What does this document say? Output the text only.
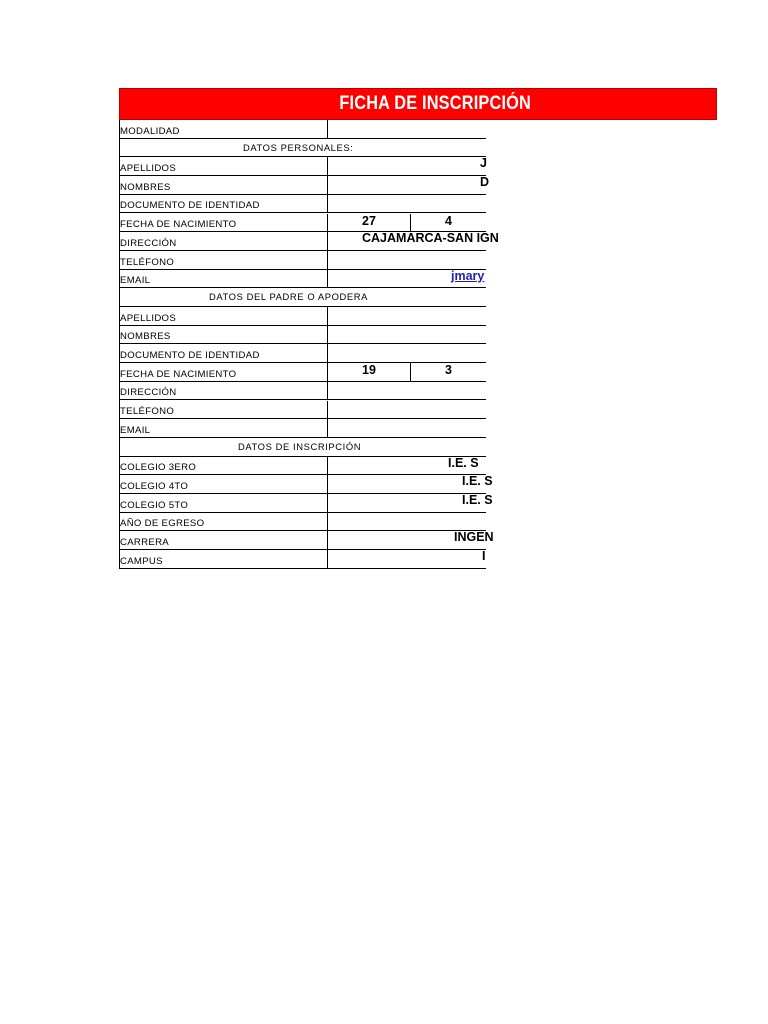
FICHA DE INSCRIPCIÓN
MODALIDAD
DATOS PERSONALES:
APELLIDOS	J
NOMBRES	D
DOCUMENTO DE IDENTIDAD
FECHA DE NACIMIENTO	27	4
DIRECCIÓN	CAJAMARCA-SAN IGN
TELÉFONO
EMAIL	jmary
DATOS DEL PADRE O APODERA
APELLIDOS
NOMBRES
DOCUMENTO DE IDENTIDAD
FECHA DE NACIMIENTO	19	3
DIRECCIÓN
TELÉFONO
EMAIL
DATOS DE INSCRIPCIÓN
COLEGIO 3ERO	I.E. S
COLEGIO 4TO	I.E. S
COLEGIO 5TO	I.E. S
AÑO DE EGRESO
CARRERA	INGEN
CAMPUS	I
